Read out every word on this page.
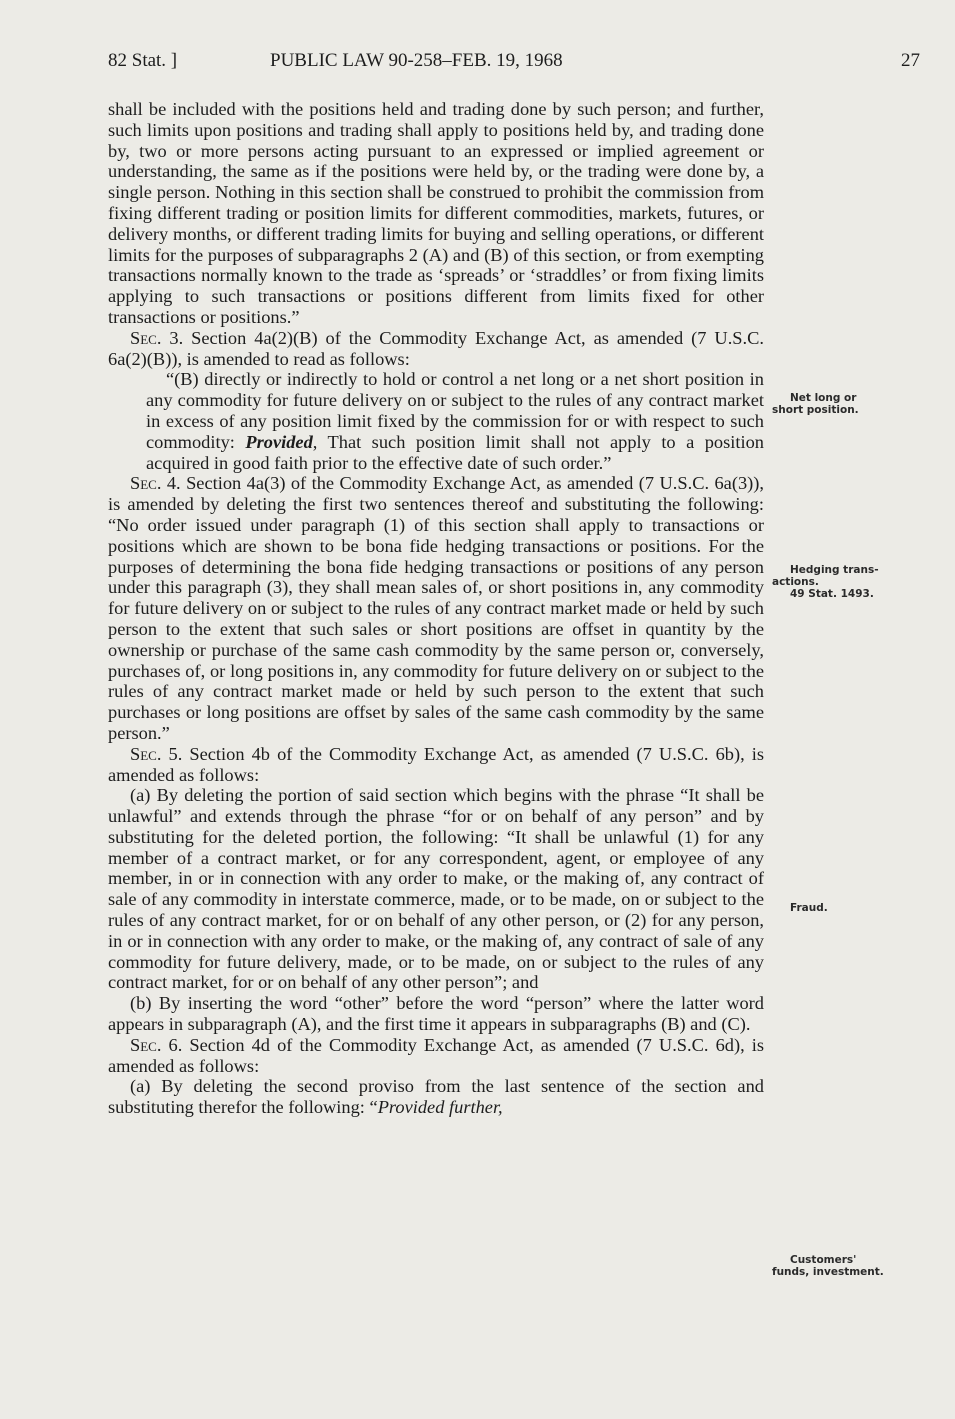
82 Stat. ]	PUBLIC LAW 90-258–FEB. 19, 1968	27

shall be included with the positions held and trading done by such person; and further, such limits upon positions and trading shall apply to positions held by, and trading done by, two or more persons acting pursuant to an expressed or implied agreement or understanding, the same as if the positions were held by, or the trading were done by, a single person. Nothing in this section shall be construed to prohibit the commission from fixing different trading or position limits for different commodities, markets, futures, or delivery months, or different trading limits for buying and selling operations, or different limits for the purposes of subparagraphs 2 (A) and (B) of this section, or from exempting transactions normally known to the trade as ‘spreads’ or ‘straddles’ or from fixing limits applying to such transactions or positions different from limits fixed for other transactions or positions.”

Sec. 3. Section 4a(2)(B) of the Commodity Exchange Act, as amended (7 U.S.C. 6a(2)(B)), is amended to read as follows:

“(B) directly or indirectly to hold or control a net long or a net short position in any commodity for future delivery on or subject to the rules of any contract market in excess of any position limit fixed by the commission for or with respect to such commodity: Provided, That such position limit shall not apply to a position acquired in good faith prior to the effective date of such order.”

Sec. 4. Section 4a(3) of the Commodity Exchange Act, as amended (7 U.S.C. 6a(3)), is amended by deleting the first two sentences thereof and substituting the following: “No order issued under paragraph (1) of this section shall apply to transactions or positions which are shown to be bona fide hedging transactions or positions. For the purposes of determining the bona fide hedging transactions or positions of any person under this paragraph (3), they shall mean sales of, or short positions in, any commodity for future delivery on or subject to the rules of any contract market made or held by such person to the extent that such sales or short positions are offset in quantity by the ownership or purchase of the same cash commodity by the same person or, conversely, purchases of, or long positions in, any commodity for future delivery on or subject to the rules of any contract market made or held by such person to the extent that such purchases or long positions are offset by sales of the same cash commodity by the same person.”

Sec. 5. Section 4b of the Commodity Exchange Act, as amended (7 U.S.C. 6b), is amended as follows:

(a) By deleting the portion of said section which begins with the phrase “It shall be unlawful” and extends through the phrase “for or on behalf of any person” and by substituting for the deleted portion, the following: “It shall be unlawful (1) for any member of a contract market, or for any correspondent, agent, or employee of any member, in or in connection with any order to make, or the making of, any contract of sale of any commodity in interstate commerce, made, or to be made, on or subject to the rules of any contract market, for or on behalf of any other person, or (2) for any person, in or in connection with any order to make, or the making of, any contract of sale of any commodity for future delivery, made, or to be made, on or subject to the rules of any contract market, for or on behalf of any other person”; and

(b) By inserting the word “other” before the word “person” where the latter word appears in subparagraph (A), and the first time it appears in subparagraphs (B) and (C).

Sec. 6. Section 4d of the Commodity Exchange Act, as amended (7 U.S.C. 6d), is amended as follows:

(a) By deleting the second proviso from the last sentence of the section and substituting therefor the following: “Provided further,

Net long or
short position.
Hedging trans-
actions.
49 Stat. 1493.
Fraud.
Customers'
funds, investment.
